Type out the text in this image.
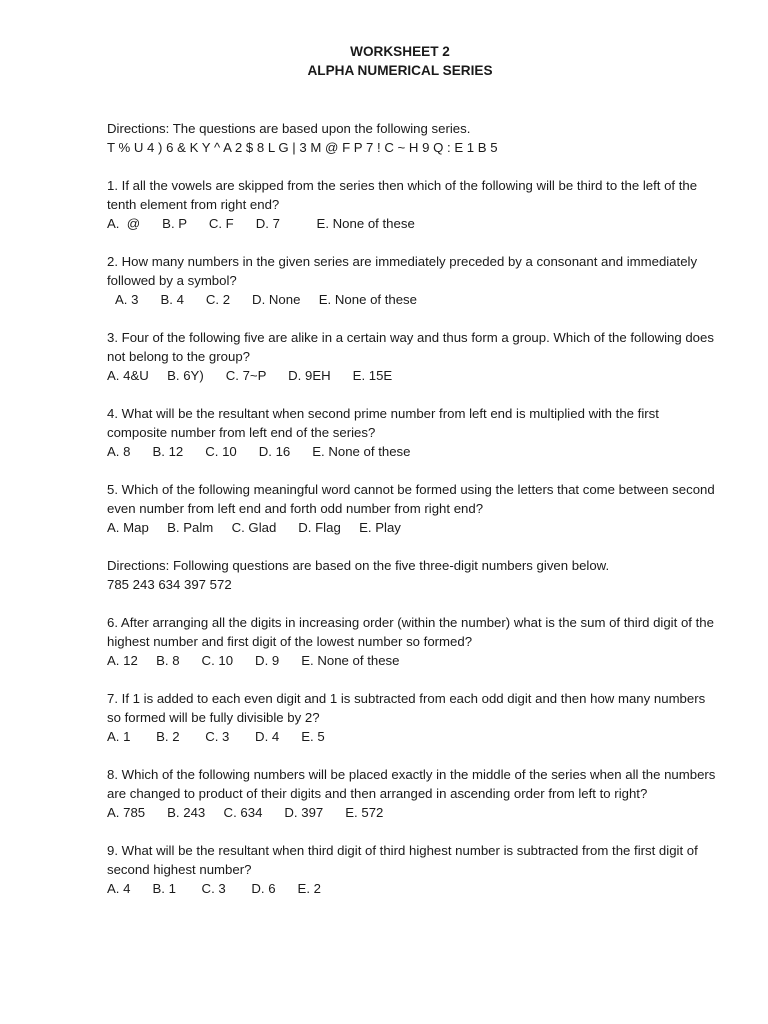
WORKSHEET 2
ALPHA NUMERICAL SERIES

Directions: The questions are based upon the following series.

T % U 4 ) 6 & K Y ^ A 2 $ 8 L G | 3 M @ F P 7 ! C ~ H 9 Q : E 1 B 5

1. If all the vowels are skipped from the series then which of the following will be third to the left of the tenth element from right end?

A.  @      B. P      C. F      D. 7          E. None of these

2. How many numbers in the given series are immediately preceded by a consonant and immediately followed by a symbol?

A. 3      B. 4      C. 2      D. None     E. None of these

3. Four of the following five are alike in a certain way and thus form a group. Which of the following does not belong to the group?

A. 4&U     B. 6Y)      C. 7~P      D. 9EH      E. 15E

4. What will be the resultant when second prime number from left end is multiplied with the first composite number from left end of the series?

A. 8      B. 12      C. 10      D. 16      E. None of these

5. Which of the following meaningful word cannot be formed using the letters that come between second even number from left end and forth odd number from right end?

A. Map     B. Palm     C. Glad      D. Flag     E. Play

Directions: Following questions are based on the five three-digit numbers given below.

785 243 634 397 572

6. After arranging all the digits in increasing order (within the number) what is the sum of third digit of the highest number and first digit of the lowest number so formed?

A. 12     B. 8      C. 10      D. 9      E. None of these

7. If 1 is added to each even digit and 1 is subtracted from each odd digit and then how many numbers so formed will be fully divisible by 2?

A. 1       B. 2       C. 3       D. 4      E. 5

8. Which of the following numbers will be placed exactly in the middle of the series when all the numbers are changed to product of their digits and then arranged in ascending order from left to right?

A. 785      B. 243     C. 634      D. 397      E. 572

9. What will be the resultant when third digit of third highest number is subtracted from the first digit of second highest number?

A. 4      B. 1       C. 3       D. 6      E. 2
